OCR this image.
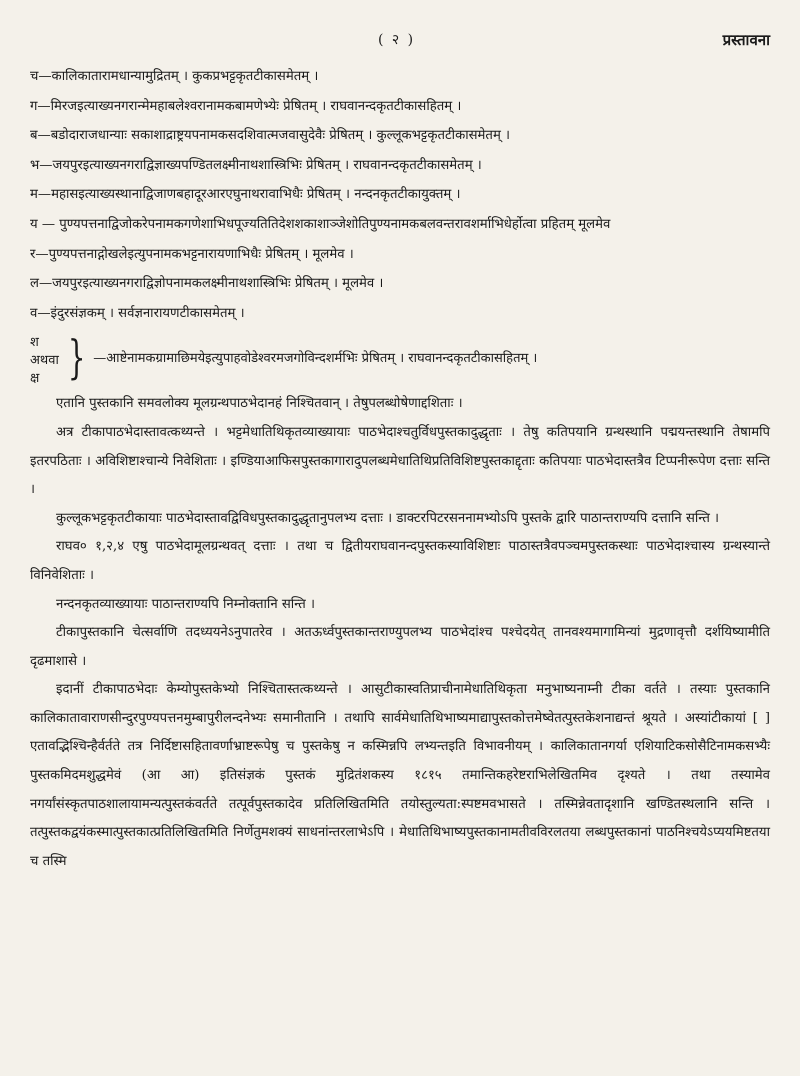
( २ )	प्रस्तावना
च—कालिकातारामधान्यामुद्रितम् । कुकप्रभट्टकृतटीकासमेतम् ।
ग—मिरजइत्याख्यनगरान्मेमहाबलेश्वरानामकबामणेभ्येः प्रेषितम् । राघवानन्दकृतटीकासहितम् ।
ब—बडोदाराजधान्याः सकाशाद्राष्ट्रयपनामकसदशिवात्मजवासुदेवैः प्रेषितम् । कुल्लूकभट्टकृतटीकासमेतम् ।
भ—जयपुरइत्याख्यनगराद्विज्ञाख्यपण्डितलक्ष्मीनाथशास्त्रिभिः प्रेषितम् । राघवानन्दकृतटीकासमेतम् ।
म—महासइत्याख्यस्थानाद्विजाणबहादूरआरएघुनाथरावाभिधैः प्रेषितम् । नन्दनकृतटीकायुक्तम् ।
य — पुण्यपत्तनाद्विजोकरेपनामकगणेशाभिधपूज्यतितिदेशशकाशाञ्जेशोतिपुण्यनामकबलवन्तरावशर्माभिधेर्होत्वा प्रहितम् मूलमेव
र—पुण्यपत्तनाद्गोखलेइत्युपनामकभट्टनारायणाभिधैः प्रेषितम् । मूलमेव ।
ल—जयपुरइत्याख्यनगराद्विज्ञोपनामकलक्ष्मीनाथशास्त्रिभिः प्रेषितम् । मूलमेव ।
व—इंदुरसंज्ञकम् । सर्वज्ञनारायणटीकासमेतम् ।
श
अथवा
क्ष } —आष्टेनामकग्रामाछिमयेइत्युपाहवोडेश्वरमजगोविन्दशर्मभिः प्रेषितम् । राघवानन्दकृतटीकासहितम् ।

एतानि पुस्तकानि समवलोक्य मूलग्रन्थपाठभेदानहं निश्चितवान् । तेषुपलब्धोषेणाद्दशिताः ।

अत्र टीकापाठभेदास्तावत्कथ्यन्ते । भट्टमेधातिथिकृतव्याख्यायाः पाठभेदाश्चतुर्विधपुस्तकादुद्धृताः । तेषु कतिपयानि ग्रन्थस्थानि पद्मयन्तस्थानि तेषामपि इतरपठिताः । अविशिष्टाश्चान्ये निवेशिताः । इण्डियाआफिसपुस्तकागारादुपलब्धमेधातिथिप्रतिविशिष्टपुस्तकाद्दृताः कतिपयाः पाठभेदास्तत्रैव टिप्पनीरूपेण दत्ताः सन्ति ।

कुल्लूकभट्टकृतटीकायाः पाठभेदास्तावद्विविधपुस्तकादुद्धृतानुपलभ्य दत्ताः । डाक्टरपिटरसननामभ्योऽपि पुस्तके द्वारि पाठान्तराण्यपि दत्तानि सन्ति ।

राघव० १,२,४ एषु पाठभेदामूलग्रन्थवत् दत्ताः । तथा च द्वितीयराघवानन्दपुस्तकस्याविशिष्टाः पाठास्तत्रैवपञ्चमपुस्तकस्थाः पाठभेदाश्चास्य ग्रन्थस्यान्ते विनिवेशिताः ।

नन्दनकृतव्याख्यायाः पाठान्तराण्यपि निम्नोक्तानि सन्ति ।

टीकापुस्तकानि चेत्सर्वाणि तदध्ययनेऽनुपातरेव । अतऊर्ध्वपुस्तकान्तराण्युपलभ्य पाठभेदांश्च पश्चेदयेत् तानवश्यमागामिन्यां मुद्रणावृत्तौ दर्शयिष्यामीति दृढमाशासे ।

इदानीं टीकापाठभेदाः केम्योपुस्तकेभ्यो निश्चितास्तत्कथ्यन्ते । आसुटीकास्वतिप्राचीनामेधातिथिकृता मनुभाष्यनाम्नी टीका वर्तते । तस्याः पुस्तकानि कालिकातावाराणसीन्दुरपुण्यपत्तनमुम्बापुरीलन्दनेभ्यः समानीतानि । तथापि सार्वमेधातिथिभाष्यमाद्यापुस्तकोत्तमेष्वेतत्पुस्तकेशनाद्यन्तं श्रूयते । अस्यांटीकायां [ ] एतावद्भिश्चिन्हैर्वर्तते तत्र निर्दिष्टासहितावर्णाभ्राष्टरूपेषु च पुस्तकेषु न कस्मिन्नपि लभ्यन्तइति विभावनीयम् । कालिकातानगर्या एशियाटिकसोसैटिनामकसभ्यैः पुस्तकमिदमशुद्धमेवं (आ आ) इतिसंज्ञकं पुस्तकं मुद्रितंशकस्य १८१५ तमान्तिकहरेष्टराभिलेखितमिव दृश्यते । तथा तस्यामेव नगर्यांसंस्कृतपाठशालायामन्यत्पुस्तकंवर्तते तत्पूर्वपुस्तकादेव प्रतिलिखितमिति तयोस्तुल्यता:स्पष्टमवभासते । तस्मिन्नेवतादृशानि खण्डितस्थलानि सन्ति । तत्पुस्तकद्वयंकस्मात्पुस्तकात्प्रतिलिखितमिति निर्णेतुमशक्यं साधनांन्तरलाभेऽपि । मेधातिथिभाष्यपुस्तकानामतीवविरलतया लब्धपुस्तकानां पाठनिश्चयेऽप्ययमिष्टतया च तस्मि
